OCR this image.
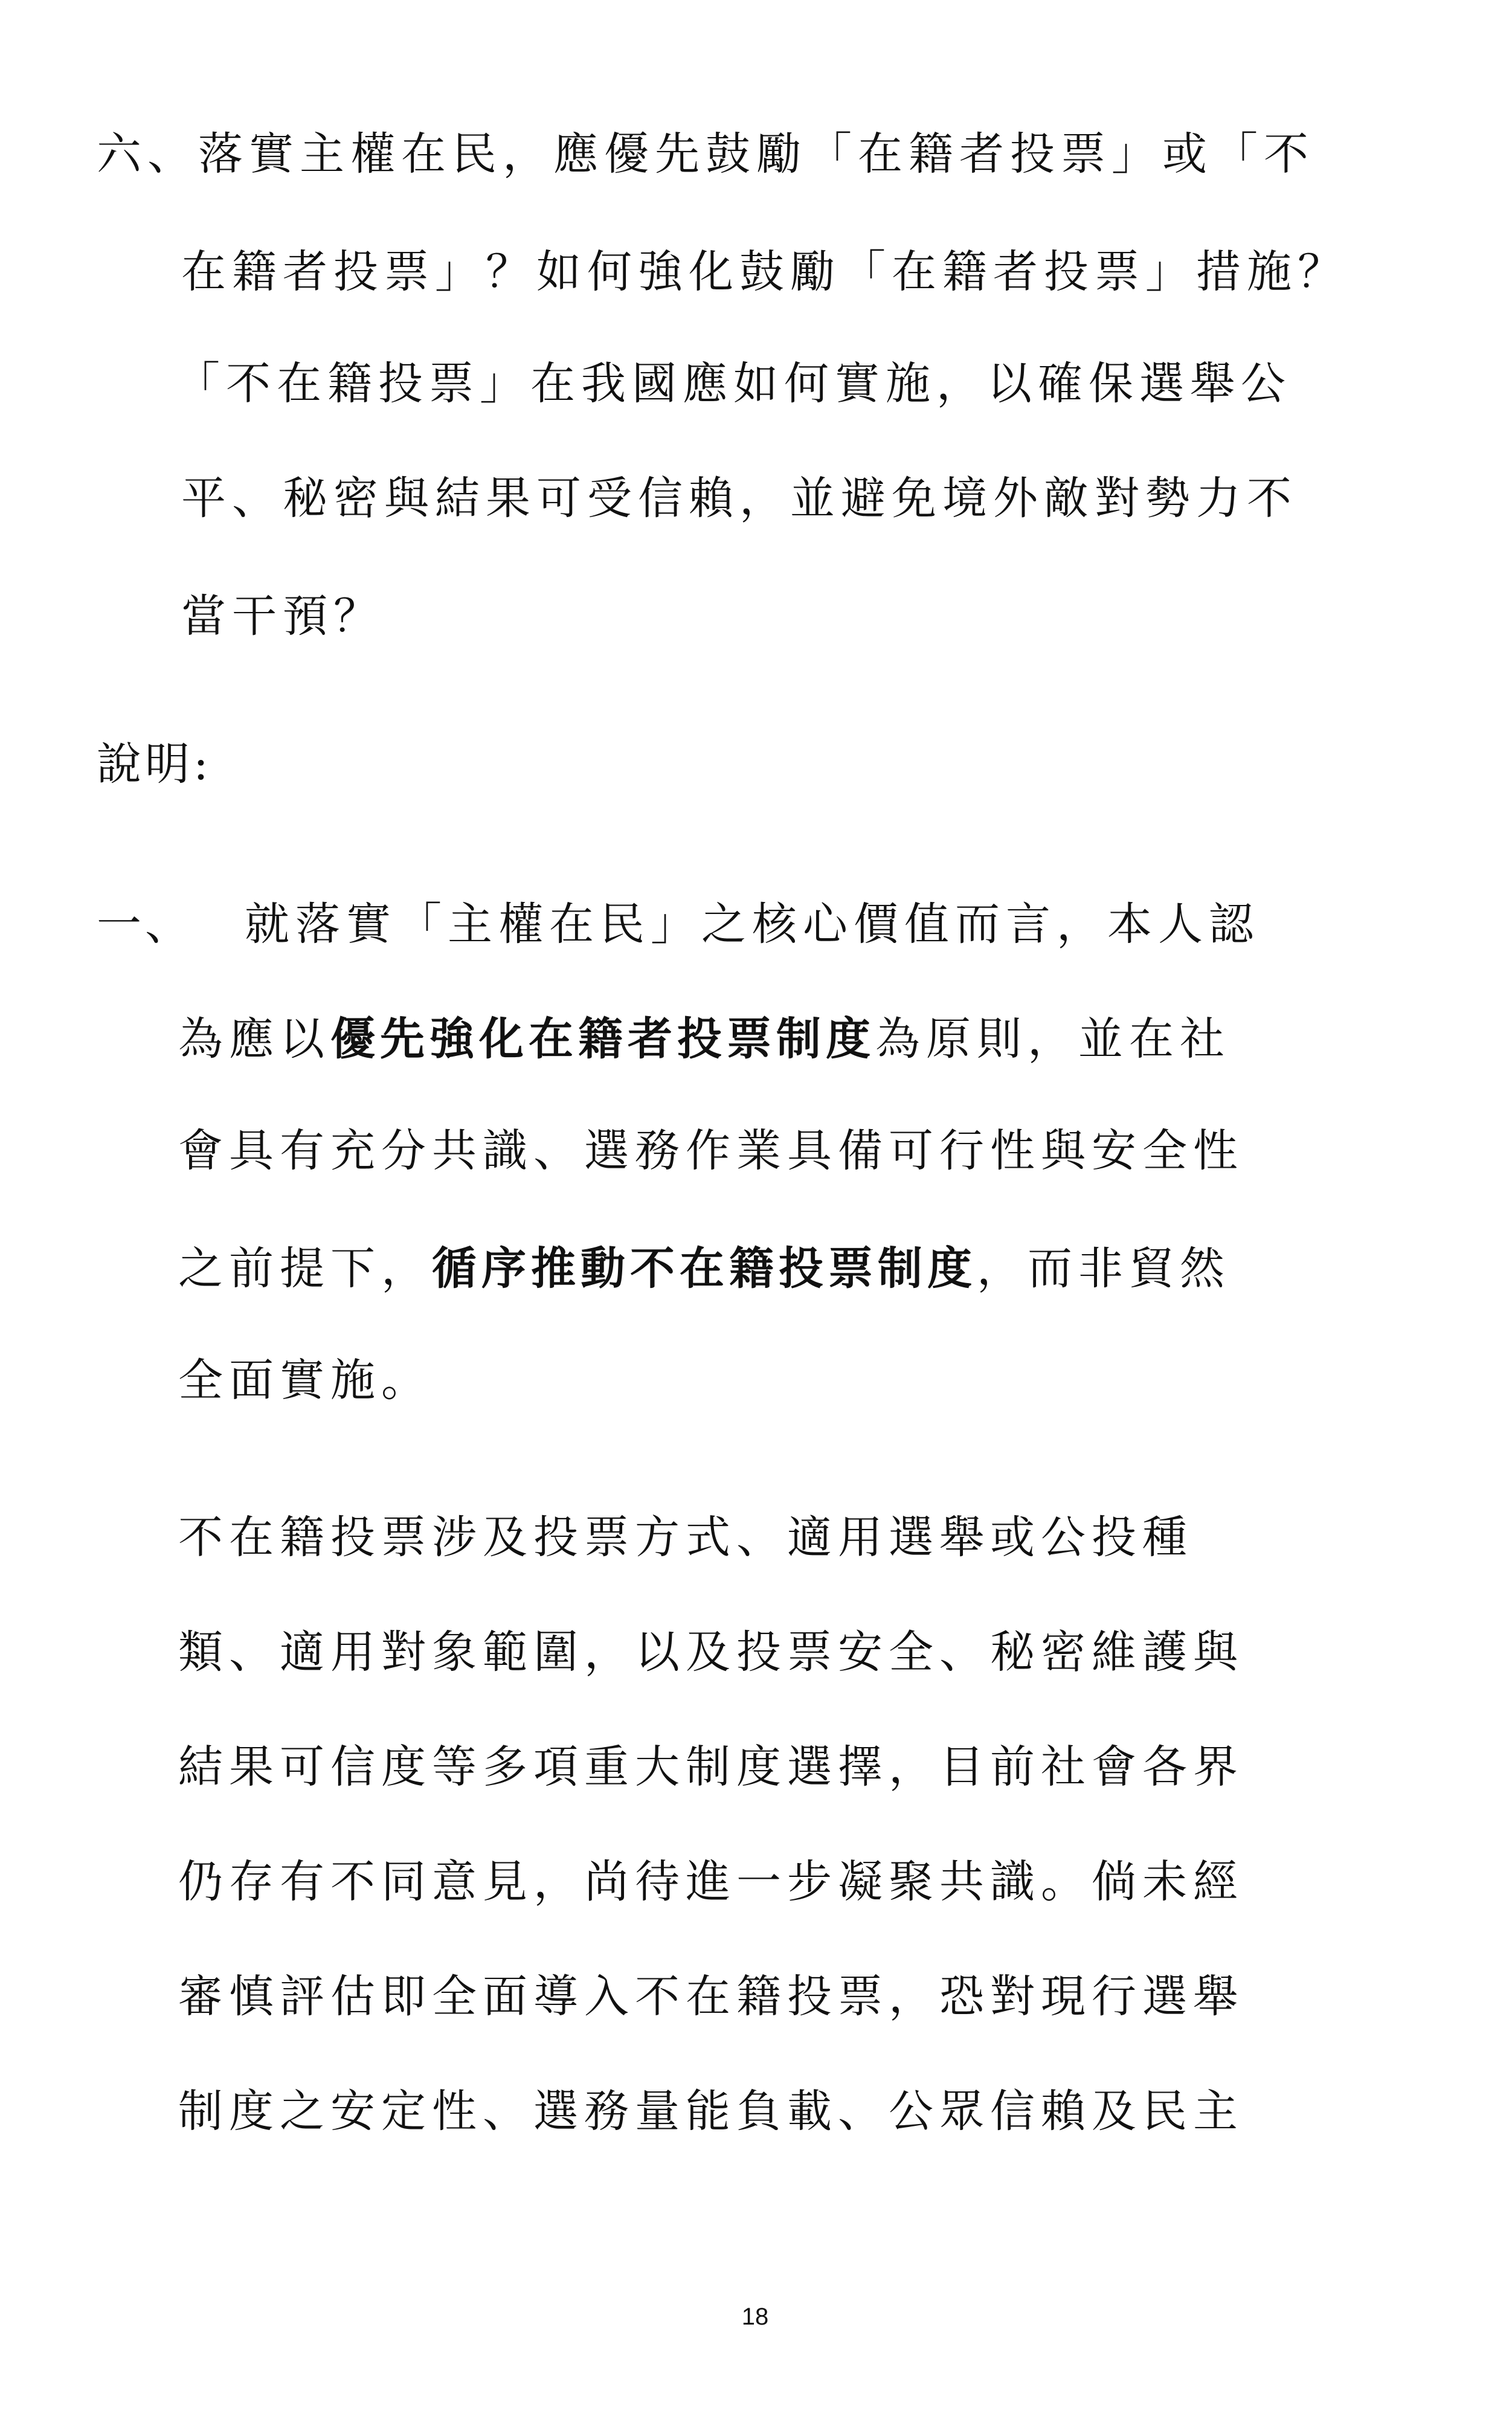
六、落實主權在民，應優先鼓勵「在籍者投票」或「不
在籍者投票」？如何強化鼓勵「在籍者投票」措施？
「不在籍投票」在我國應如何實施，以確保選舉公
平、秘密與結果可受信賴，並避免境外敵對勢力不
當干預？
說明:
一、 就落實「主權在民」之核心價值而言，本人認
為應以優先強化在籍者投票制度為原則，並在社
會具有充分共識、選務作業具備可行性與安全性
之前提下，循序推動不在籍投票制度，而非貿然
全面實施。
不在籍投票涉及投票方式、適用選舉或公投種
類、適用對象範圍，以及投票安全、秘密維護與
結果可信度等多項重大制度選擇，目前社會各界
仍存有不同意見，尚待進一步凝聚共識。倘未經
審慎評估即全面導入不在籍投票，恐對現行選舉
制度之安定性、選務量能負載、公眾信賴及民主
18
